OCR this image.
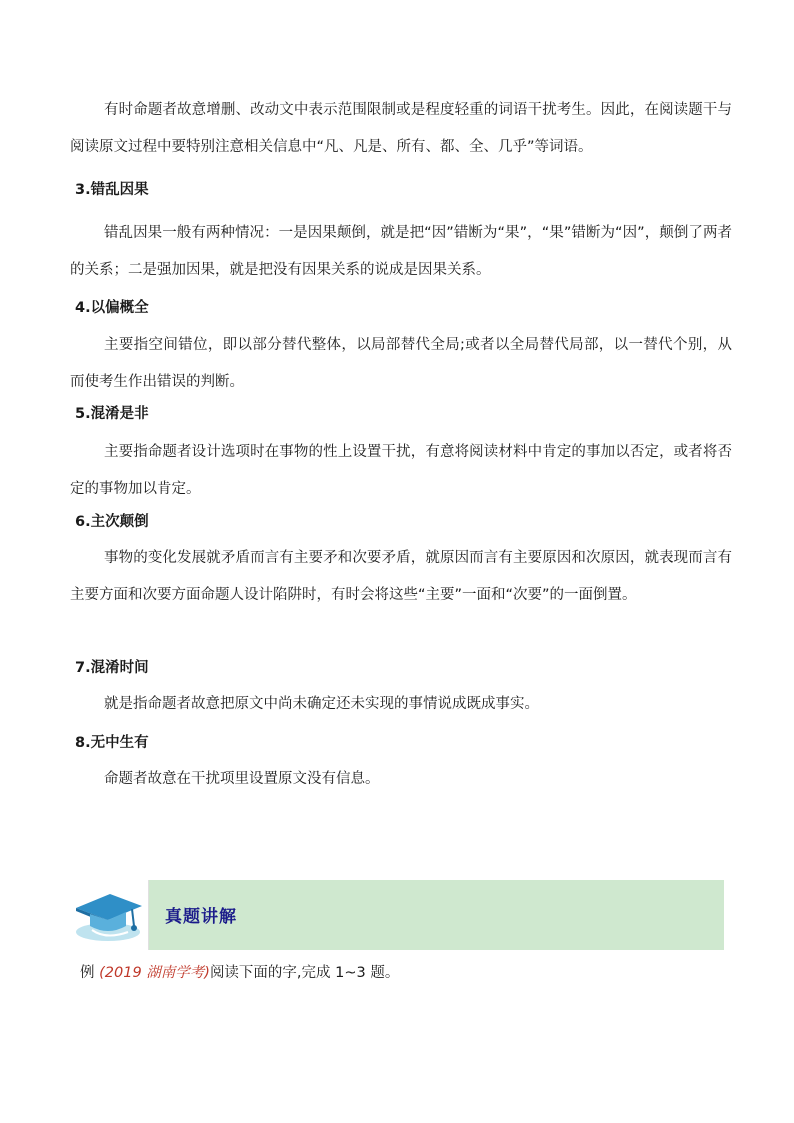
有时命题者故意增删、改动文中表示范围限制或是程度轻重的词语干扰考生。因此，在阅读题干与阅读原文过程中要特别注意相关信息中“凡、凡是、所有、都、全、几乎”等词语。

3.错乱因果

错乱因果一般有两种情况：一是因果颠倒，就是把“因”错断为“果”，“果”错断为“因”，颠倒了两者的关系；二是强加因果，就是把没有因果关系的说成是因果关系。

4.以偏概全

主要指空间错位，即以部分替代整体，以局部替代全局;或者以全局替代局部，以一替代个别，从而使考生作出错误的判断。

5.混淆是非

主要指命题者设计选项时在事物的性上设置干扰，有意将阅读材料中肯定的事加以否定，或者将否定的事物加以肯定。

6.主次颠倒

事物的变化发展就矛盾而言有主要矛和次要矛盾，就原因而言有主要原因和次原因，就表现而言有主要方面和次要方面命题人设计陷阱时，有时会将这些“主要”一面和“次要”的一面倒置。

7.混淆时间

就是指命题者故意把原文中尚未确定还未实现的事情说成既成事实。

8.无中生有

命题者故意在干扰项里设置原文没有信息。

真题讲解
例 (2019 湖南学考)阅读下面的字,完成 1~3 题。
